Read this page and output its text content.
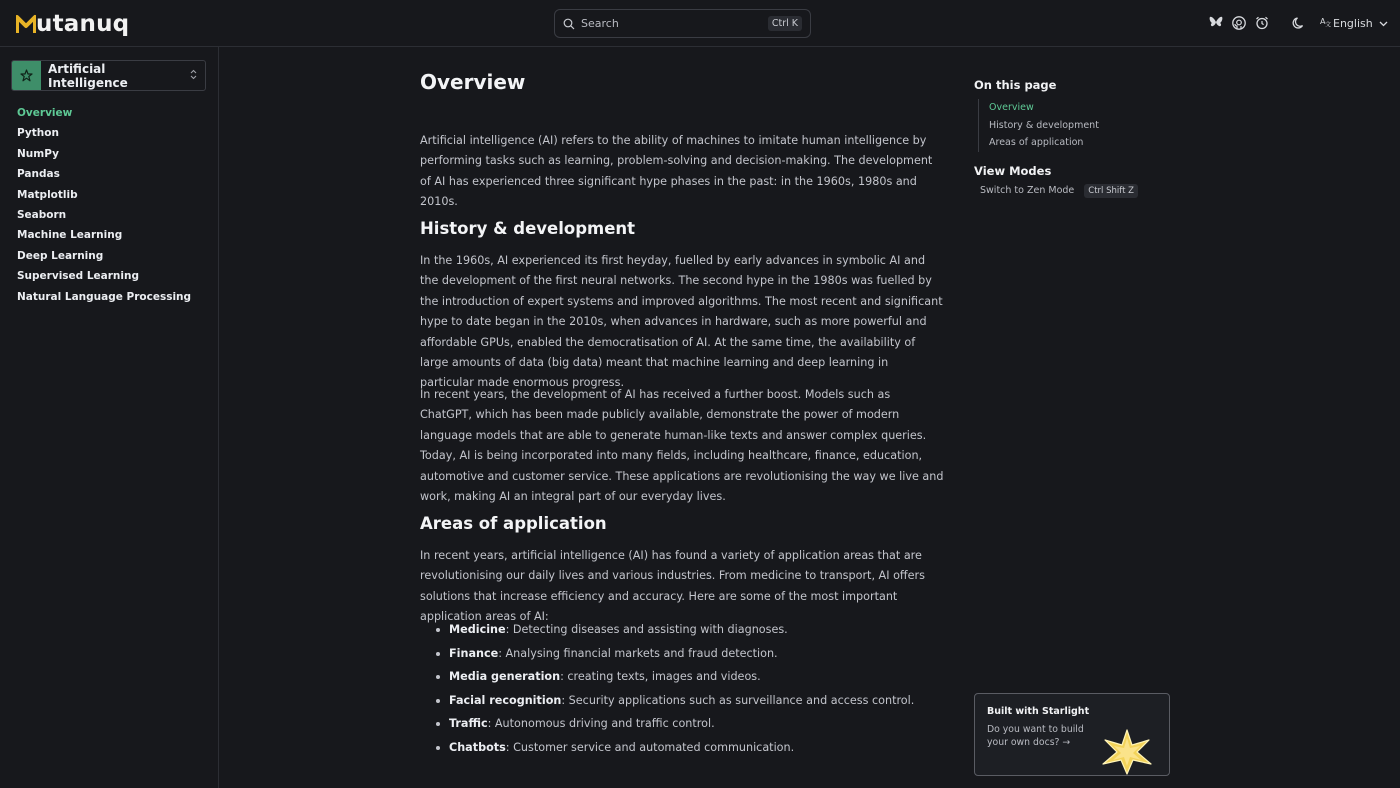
utanuq	Search	Ctrl K	A 文 English
Artificial Intelligence
Overview
Python
NumPy
Pandas
Matplotlib
Seaborn
Machine Learning
Deep Learning
Supervised Learning
Natural Language Processing
Overview

Artificial intelligence (AI) refers to the ability of machines to imitate human intelligence by performing tasks such as learning, problem-solving and decision-making. The development of AI has experienced three significant hype phases in the past: in the 1960s, 1980s and 2010s.

History & development

In the 1960s, AI experienced its first heyday, fuelled by early advances in symbolic AI and the development of the first neural networks. The second hype in the 1980s was fuelled by the introduction of expert systems and improved algorithms. The most recent and significant hype to date began in the 2010s, when advances in hardware, such as more powerful and affordable GPUs, enabled the democratisation of AI. At the same time, the availability of large amounts of data (big data) meant that machine learning and deep learning in particular made enormous progress.

In recent years, the development of AI has received a further boost. Models such as ChatGPT, which has been made publicly available, demonstrate the power of modern language models that are able to generate human-like texts and answer complex queries. Today, AI is being incorporated into many fields, including healthcare, finance, education, automotive and customer service. These applications are revolutionising the way we live and work, making AI an integral part of our everyday lives.

Areas of application

In recent years, artificial intelligence (AI) has found a variety of application areas that are revolutionising our daily lives and various industries. From medicine to transport, AI offers solutions that increase efficiency and accuracy. Here are some of the most important application areas of AI:

Medicine: Detecting diseases and assisting with diagnoses.
Finance: Analysing financial markets and fraud detection.
Media generation: creating texts, images and videos.
Facial recognition: Security applications such as surveillance and access control.
Traffic: Autonomous driving and traffic control.
Chatbots: Customer service and automated communication.
On this page
Overview
History & development
Areas of application
View Modes
Switch to Zen Mode	Ctrl Shift Z
Built with Starlight
Do you want to build your own docs? →
